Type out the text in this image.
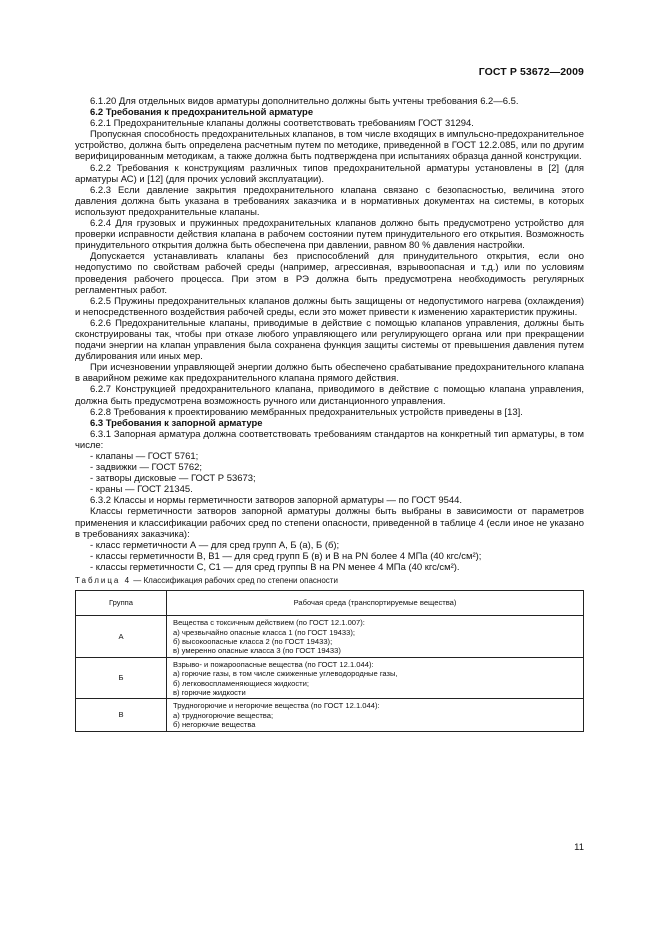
ГОСТ Р 53672—2009

6.1.20 Для отдельных видов арматуры дополнительно должны быть учтены требования 6.2—6.5.

6.2 Требования к предохранительной арматуре

6.2.1 Предохранительные клапаны должны соответствовать требованиям ГОСТ 31294.

Пропускная способность предохранительных клапанов, в том числе входящих в импульсно-предохранительное устройство, должна быть определена расчетным путем по методике, приведенной в ГОСТ 12.2.085, или по другим верифицированным методикам, а также должна быть подтверждена при испытаниях образца данной конструкции.

6.2.2 Требования к конструкциям различных типов предохранительной арматуры установлены в [2] (для арматуры АС) и [12] (для прочих условий эксплуатации).

6.2.3 Если давление закрытия предохранительного клапана связано с безопасностью, величина этого давления должна быть указана в требованиях заказчика и в нормативных документах на системы, в которых используют предохранительные клапаны.

6.2.4 Для грузовых и пружинных предохранительных клапанов должно быть предусмотрено устройство для проверки исправности действия клапана в рабочем состоянии путем принудительного его открытия. Возможность принудительного открытия должна быть обеспечена при давлении, равном 80 % давления настройки.

Допускается устанавливать клапаны без приспособлений для принудительного открытия, если оно недопустимо по свойствам рабочей среды (например, агрессивная, взрывоопасная и т.д.) или по условиям проведения рабочего процесса. При этом в РЭ должна быть предусмотрена необходимость регулярных регламентных работ.

6.2.5 Пружины предохранительных клапанов должны быть защищены от недопустимого нагрева (охлаждения) и непосредственного воздействия рабочей среды, если это может привести к изменению характеристик пружины.

6.2.6 Предохранительные клапаны, приводимые в действие с помощью клапанов управления, должны быть сконструированы так, чтобы при отказе любого управляющего или регулирующего органа или при прекращении подачи энергии на клапан управления была сохранена функция защиты системы от превышения давления путем дублирования или иных мер.

При исчезновении управляющей энергии должно быть обеспечено срабатывание предохранительного клапана в аварийном режиме как предохранительного клапана прямого действия.

6.2.7 Конструкцией предохранительного клапана, приводимого в действие с помощью клапана управления, должна быть предусмотрена возможность ручного или дистанционного управления.

6.2.8 Требования к проектированию мембранных предохранительных устройств приведены в [13].

6.3 Требования к запорной арматуре

6.3.1 Запорная арматура должна соответствовать требованиям стандартов на конкретный тип арматуры, в том числе:

- клапаны — ГОСТ 5761;

- задвижки — ГОСТ 5762;

- затворы дисковые — ГОСТ Р 53673;

- краны — ГОСТ 21345.

6.3.2 Классы и нормы герметичности затворов запорной арматуры — по ГОСТ 9544.

Классы герметичности затворов запорной арматуры должны быть выбраны в зависимости от параметров применения и классификации рабочих сред по степени опасности, приведенной в таблице 4 (если иное не указано в требованиях заказчика):

- класс герметичности А — для сред групп А, Б (а), Б (б);

- классы герметичности В, В1 — для сред групп Б (в) и В на PN более 4 МПа (40 кгс/см²);

- классы герметичности С, С1 — для сред группы В на PN менее 4 МПа (40 кгс/см²).

Таблица 4 — Классификация рабочих сред по степени опасности
Группа	Рабочая среда (транспортируемые вещества)
А	Вещества с токсичным действием (по ГОСТ 12.1.007):
а) чрезвычайно опасные класса 1 (по ГОСТ 19433);
б) высокоопасные класса 2 (по ГОСТ 19433);
в) умеренно опасные класса 3 (по ГОСТ 19433)

Б	Взрыво- и пожароопасные вещества (по ГОСТ 12.1.044):
а) горючие газы, в том числе сжиженные углеводородные газы,
б) легковоспламеняющиеся жидкости;
в) горючие жидкости

В	Трудногорючие и негорючие вещества (по ГОСТ 12.1.044):
а) трудногорючие вещества;
б) негорючие вещества
11
